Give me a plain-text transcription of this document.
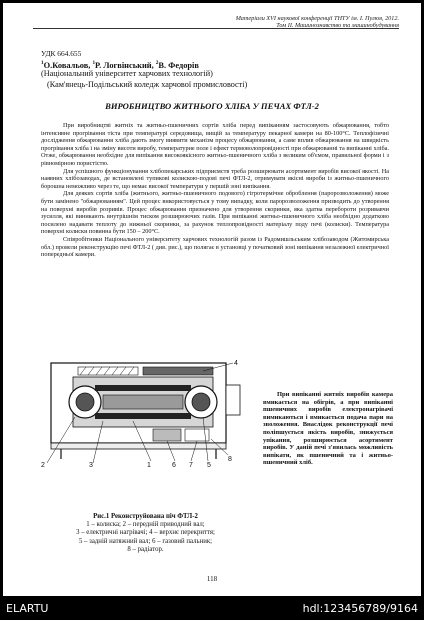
Матеріали XVI наукової конференції ТНТУ ім. І. Пулюя, 2012.
Том ІІ. Машинознавство та машинобудування
УДК 664.655
$^1$О.Ковальов, $^1$Р. Логвінський, $^2$В. Федорів
(Національний університет харчових технологій)
(Кам'янець-Подільський коледж харчової промисловості)
ВИРОБНИЦТВО ЖИТНЬОГО ХЛІБА У ПЕЧАХ ФТЛ-2

При виробництві житніх та житньо-пшеничних сортів хліба перед випіканням застосовують обжарювання, тобто інтенсивне прогрівання тіста при температурі середовища, вищій за температуру пекарної камери на 80-100°С. Теплофізичні дослідження обжарювання хліба дають змогу виявити механізм процесу обжарювання, а саме вплив обжарювання на швидкість прогрівання хліба і на зміну висоти виробу, температурне поле і ефект термоволопровідності при обжарюванні та випіканні хліба. Отже, обжарювання необхідне для випікання високоякісного житньо-пшеничного хліба з великим об'ємом, правильної форми і з рівномірною пористістю.

Для успішного функціонування хлібопекарських підприємств треба розширювати асортимент виробів високої якості. На наявних хлібозаводах, де встановлені тупикові колискою-подові печі ФТЛ-2, отримувати якісні вироби із житньо-пшеничного борошна неможливо через те, що немає високої температури у першій зоні випікання.

Для деяких сортів хліба (житнього, житньо-пшеничного подового) гігротермічне оброблення (паророзволоження) може бути замінено "обжарюванням". Цей процес використовується у тому випадку, коли паророзволоження призводить до утворення на поверхні виробів розривів. Процес обжарювання призначено для утворення скоринки, яка здатна перебороти розривавчи зусилля, які виникають внутрішнім тиском розширюючих газів. При випіканні житньо-пшеничного хліба необхідно додатково посилено надавати теплоту до нижньої скоринки, за рахунок теплопровідності матеріалу поду печі (колиски). Температура поверхні колиски повинна бути 150 – 200°С.

Співробітники Національного університету харчових технологій разом із Радомишльським хлібозаводом (Житомирська обл.) провели реконструкцію печі ФТЛ-2 ( див. рис.), що полягає в установці у початковий зоні випікання незалежної електричної попередньої камери.

2	3	1	6 7 5
8
4
Рис.1 Реконструйована піч ФТЛ-2
1 – колиска; 2 – передній приводний вал;
3 – електричні нагрівачі; 4 – верхнє перекриття;
5 – задній натяжний вал; 6 – газовий пальник;
8 – радіатор.
При випіканні житніх виробів камера вмикається на обігрів, а при випіканні пшеничних виробів електронагрівачі вимикаються і вмикається подача пари на зволоження. Внаслідок реконструкції печі поліпшується якість виробів, знижується упікання, розширюється асортимент виробів. У даній печі з'явилась можливість випікати, як пшеничний та і житньо-пшеничний хліб.
118
ELARTU	hdl:123456789/9164
